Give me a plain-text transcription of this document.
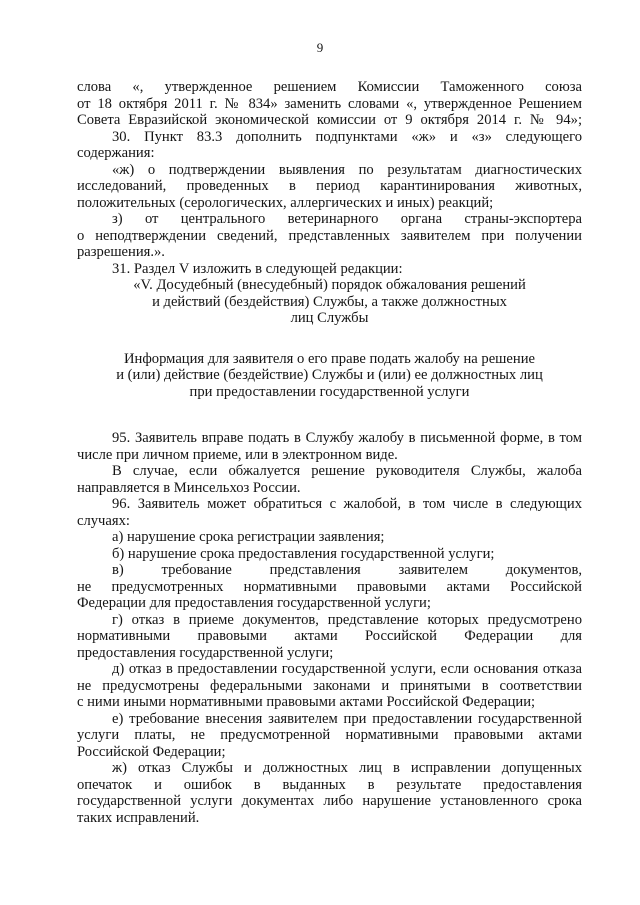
9

слова «, утвержденное решением Комиссии Таможенного союза

от 18 октября 2011 г. № 834» заменить словами «, утвержденное Решением

Совета Евразийской экономической комиссии от 9 октября 2014 г. № 94»;

30. Пункт 83.3 дополнить подпунктами «ж» и «з» следующего

содержания:

«ж) о подтверждении выявления по результатам диагностических

исследований, проведенных в период карантинирования животных,

положительных (серологических, аллергических и иных) реакций;

з) от центрального ветеринарного органа страны-экспортера

о неподтверждении сведений, представленных заявителем при получении

разрешения.».

31. Раздел V изложить в следующей редакции:

«V. Досудебный (внесудебный) порядок обжалования решений

и действий (бездействия) Службы, а также должностных

лиц Службы

Информация для заявителя о его праве подать жалобу на решение

и (или) действие (бездействие) Службы и (или) ее должностных лиц

при предоставлении государственной услуги

95. Заявитель вправе подать в Службу жалобу в письменной форме, в том

числе при личном приеме, или в электронном виде.

В случае, если обжалуется решение руководителя Службы, жалоба

направляется в Минсельхоз России.

96. Заявитель может обратиться с жалобой, в том числе в следующих

случаях:

а) нарушение срока регистрации заявления;

б) нарушение срока предоставления государственной услуги;

в) требование представления заявителем документов,

не предусмотренных нормативными правовыми актами Российской

Федерации для предоставления государственной услуги;

г) отказ в приеме документов, представление которых предусмотрено

нормативными правовыми актами Российской Федерации для

предоставления государственной услуги;

д) отказ в предоставлении государственной услуги, если основания отказа

не предусмотрены федеральными законами и принятыми в соответствии

с ними иными нормативными правовыми актами Российской Федерации;

е) требование внесения заявителем при предоставлении государственной

услуги платы, не предусмотренной нормативными правовыми актами

Российской Федерации;

ж) отказ Службы и должностных лиц в исправлении допущенных

опечаток и ошибок в выданных в результате предоставления

государственной услуги документах либо нарушение установленного срока

таких исправлений.
